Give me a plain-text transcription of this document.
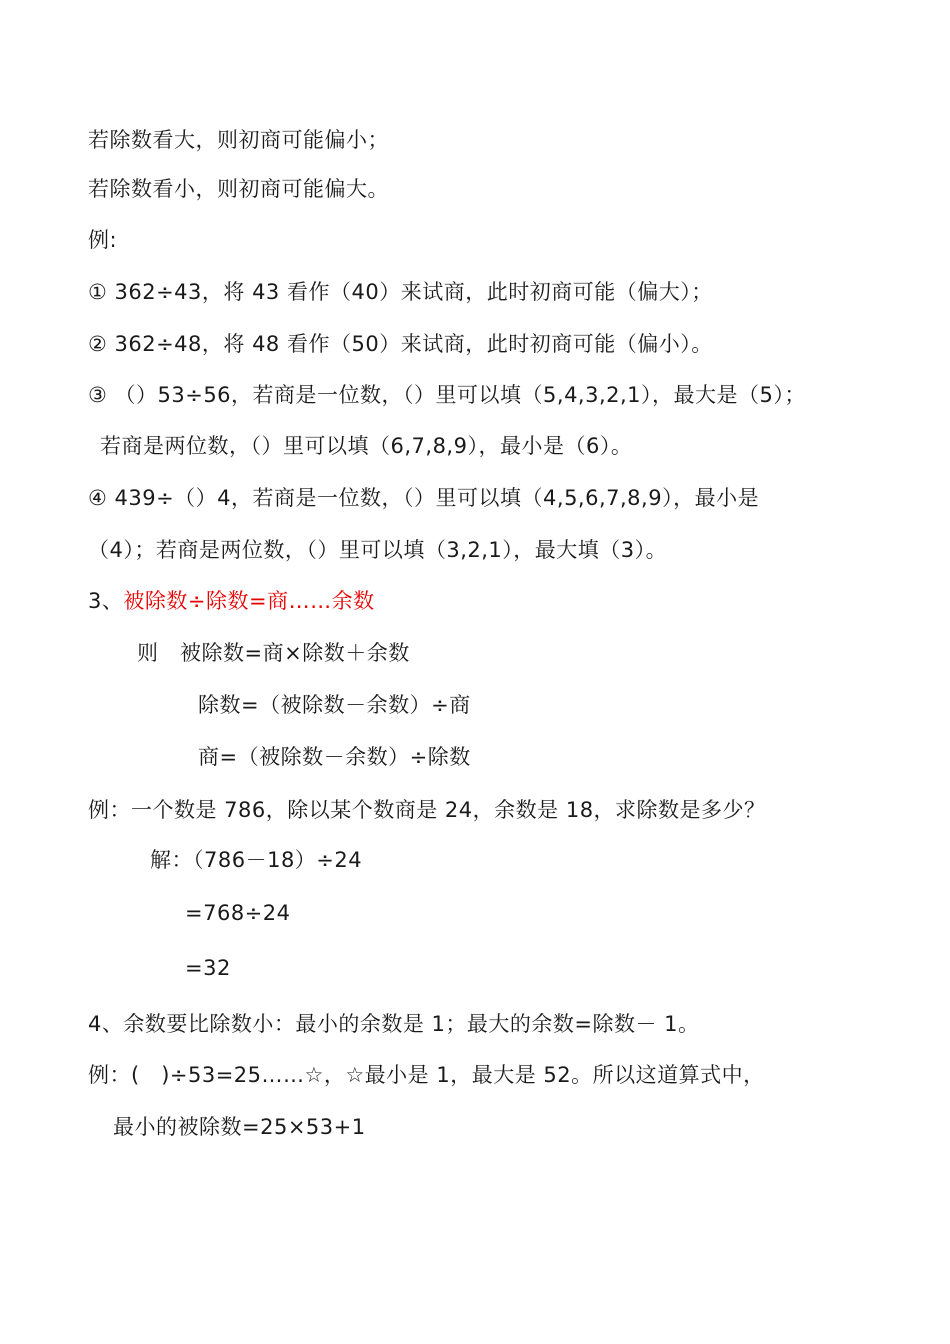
若除数看大，则初商可能偏小；
若除数看小，则初商可能偏大。
例:
① 362÷43，将 43 看作（40）来试商，此时初商可能（偏大）；
② 362÷48，将 48 看作（50）来试商，此时初商可能（偏小）。
③ （）53÷56，若商是一位数，（）里可以填（5,4,3,2,1），最大是（5）；
若商是两位数，（）里可以填（6,7,8,9），最小是（6）。
④ 439÷（）4，若商是一位数，（）里可以填（4,5,6,7,8,9），最小是
（4）；若商是两位数，（）里可以填（3,2,1），最大填（3）。
3、被除数÷除数=商……余数
则　被除数=商×除数＋余数
除数=（被除数－余数）÷商
商=（被除数－余数）÷除数
例：一个数是 786，除以某个数商是 24，余数是 18，求除数是多少？
解：（786－18）÷24
=768÷24
=32
4、余数要比除数小：最小的余数是 1；最大的余数=除数－ 1。
例：(　)÷53=25……☆，☆最小是 1，最大是 52。所以这道算式中，
最小的被除数=25×53+1
